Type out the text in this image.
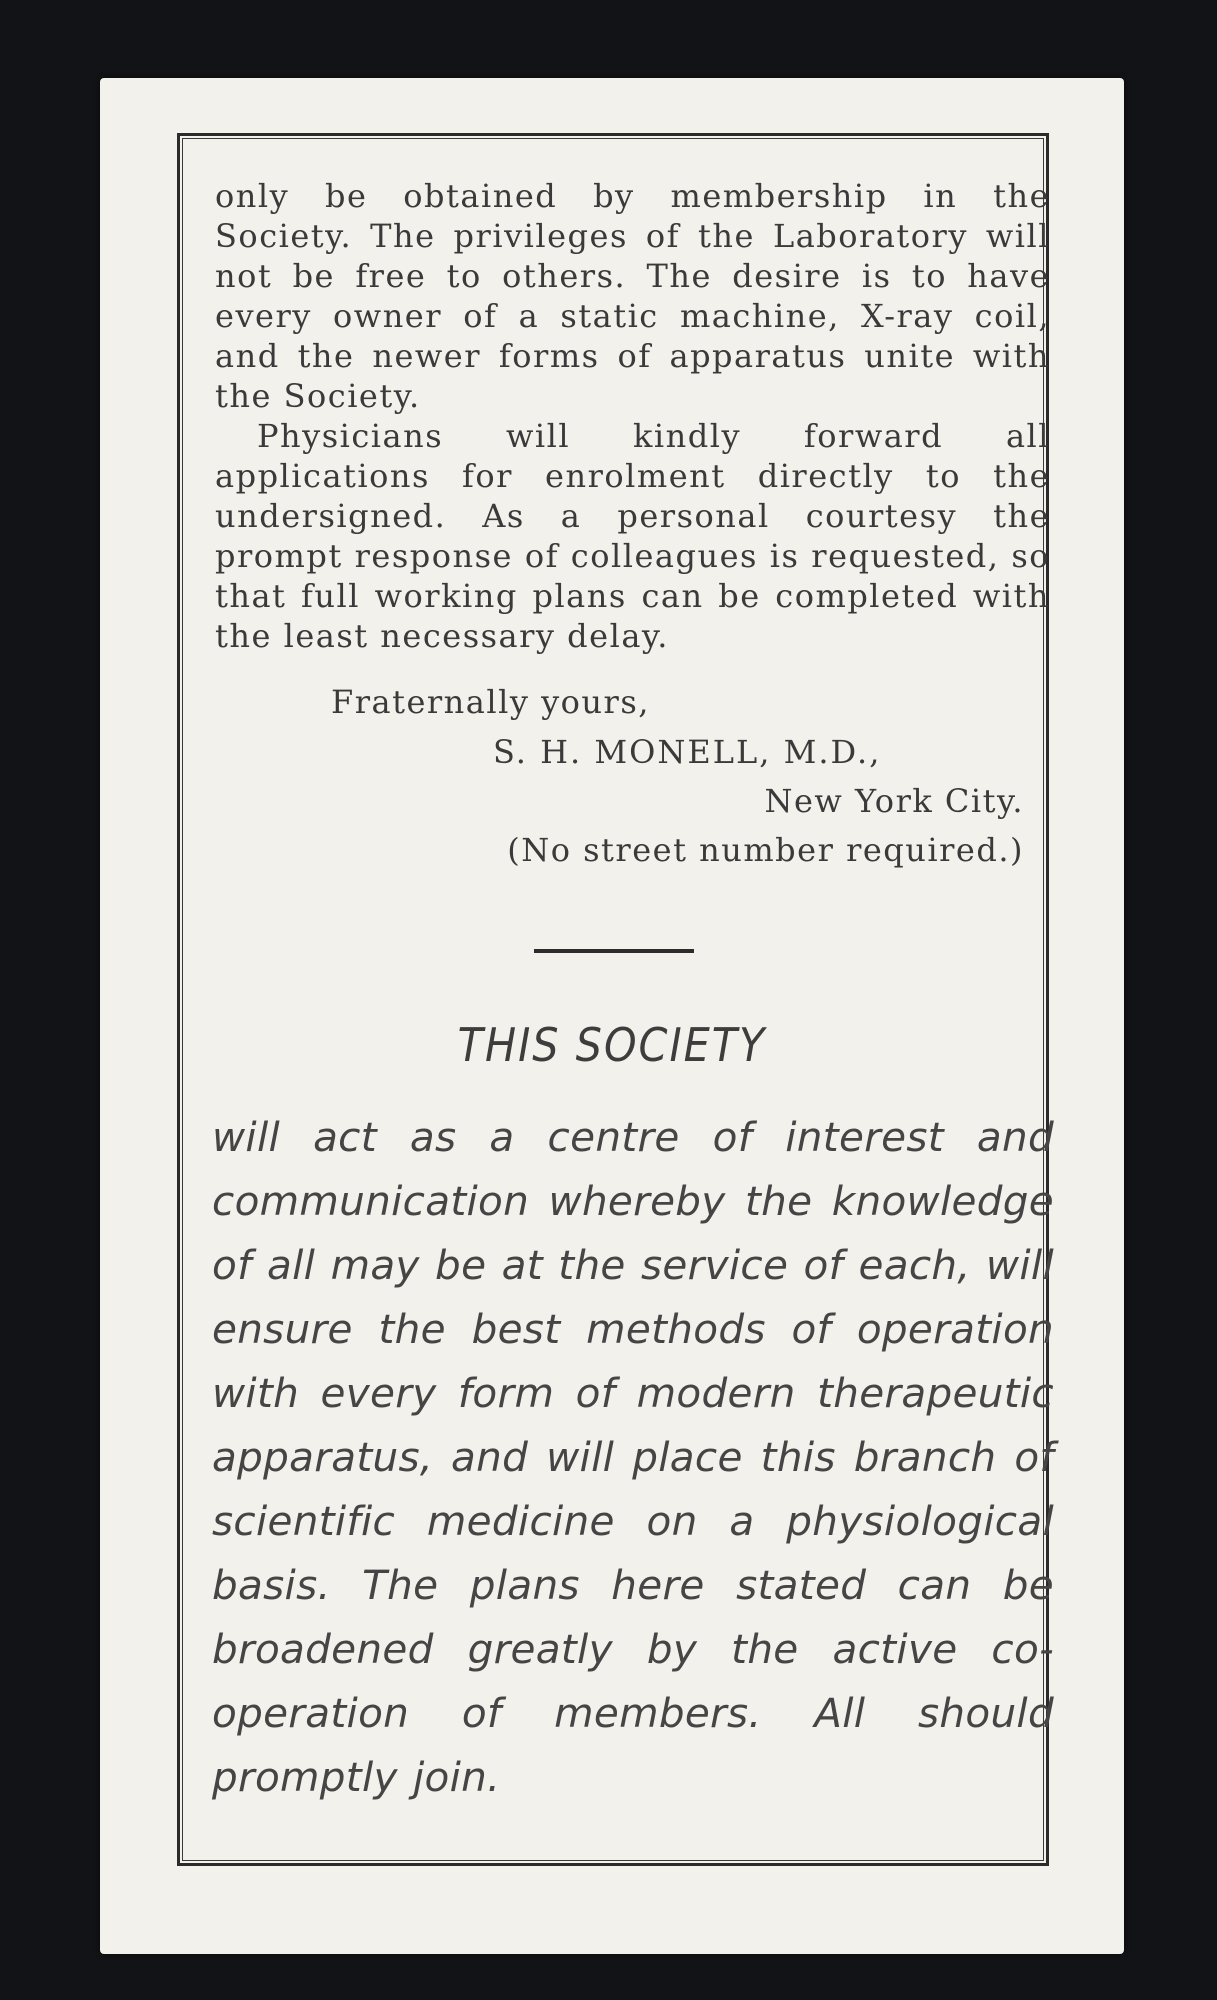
only be obtained by membership in the Society. The privileges of the Laboratory will not be free to others. The desire is to have every owner of a static machine, X-ray coil, and the newer forms of apparatus unite with the Society.

Physicians will kindly forward all applications for enrolment directly to the undersigned. As a personal courtesy the prompt response of colleagues is requested, so that full working plans can be completed with the least necessary delay.

Fraternally yours,
S. H. MONELL, M.D.,
New York City.
(No street number required.)
THIS SOCIETY

will act as a centre of interest and communication whereby the knowledge of all may be at the service of each, will ensure the best methods of operation with every form of modern therapeutic apparatus, and will place this branch of scientific medicine on a physiological basis. The plans here stated can be broadened greatly by the active co-operation of members. All should promptly join.
